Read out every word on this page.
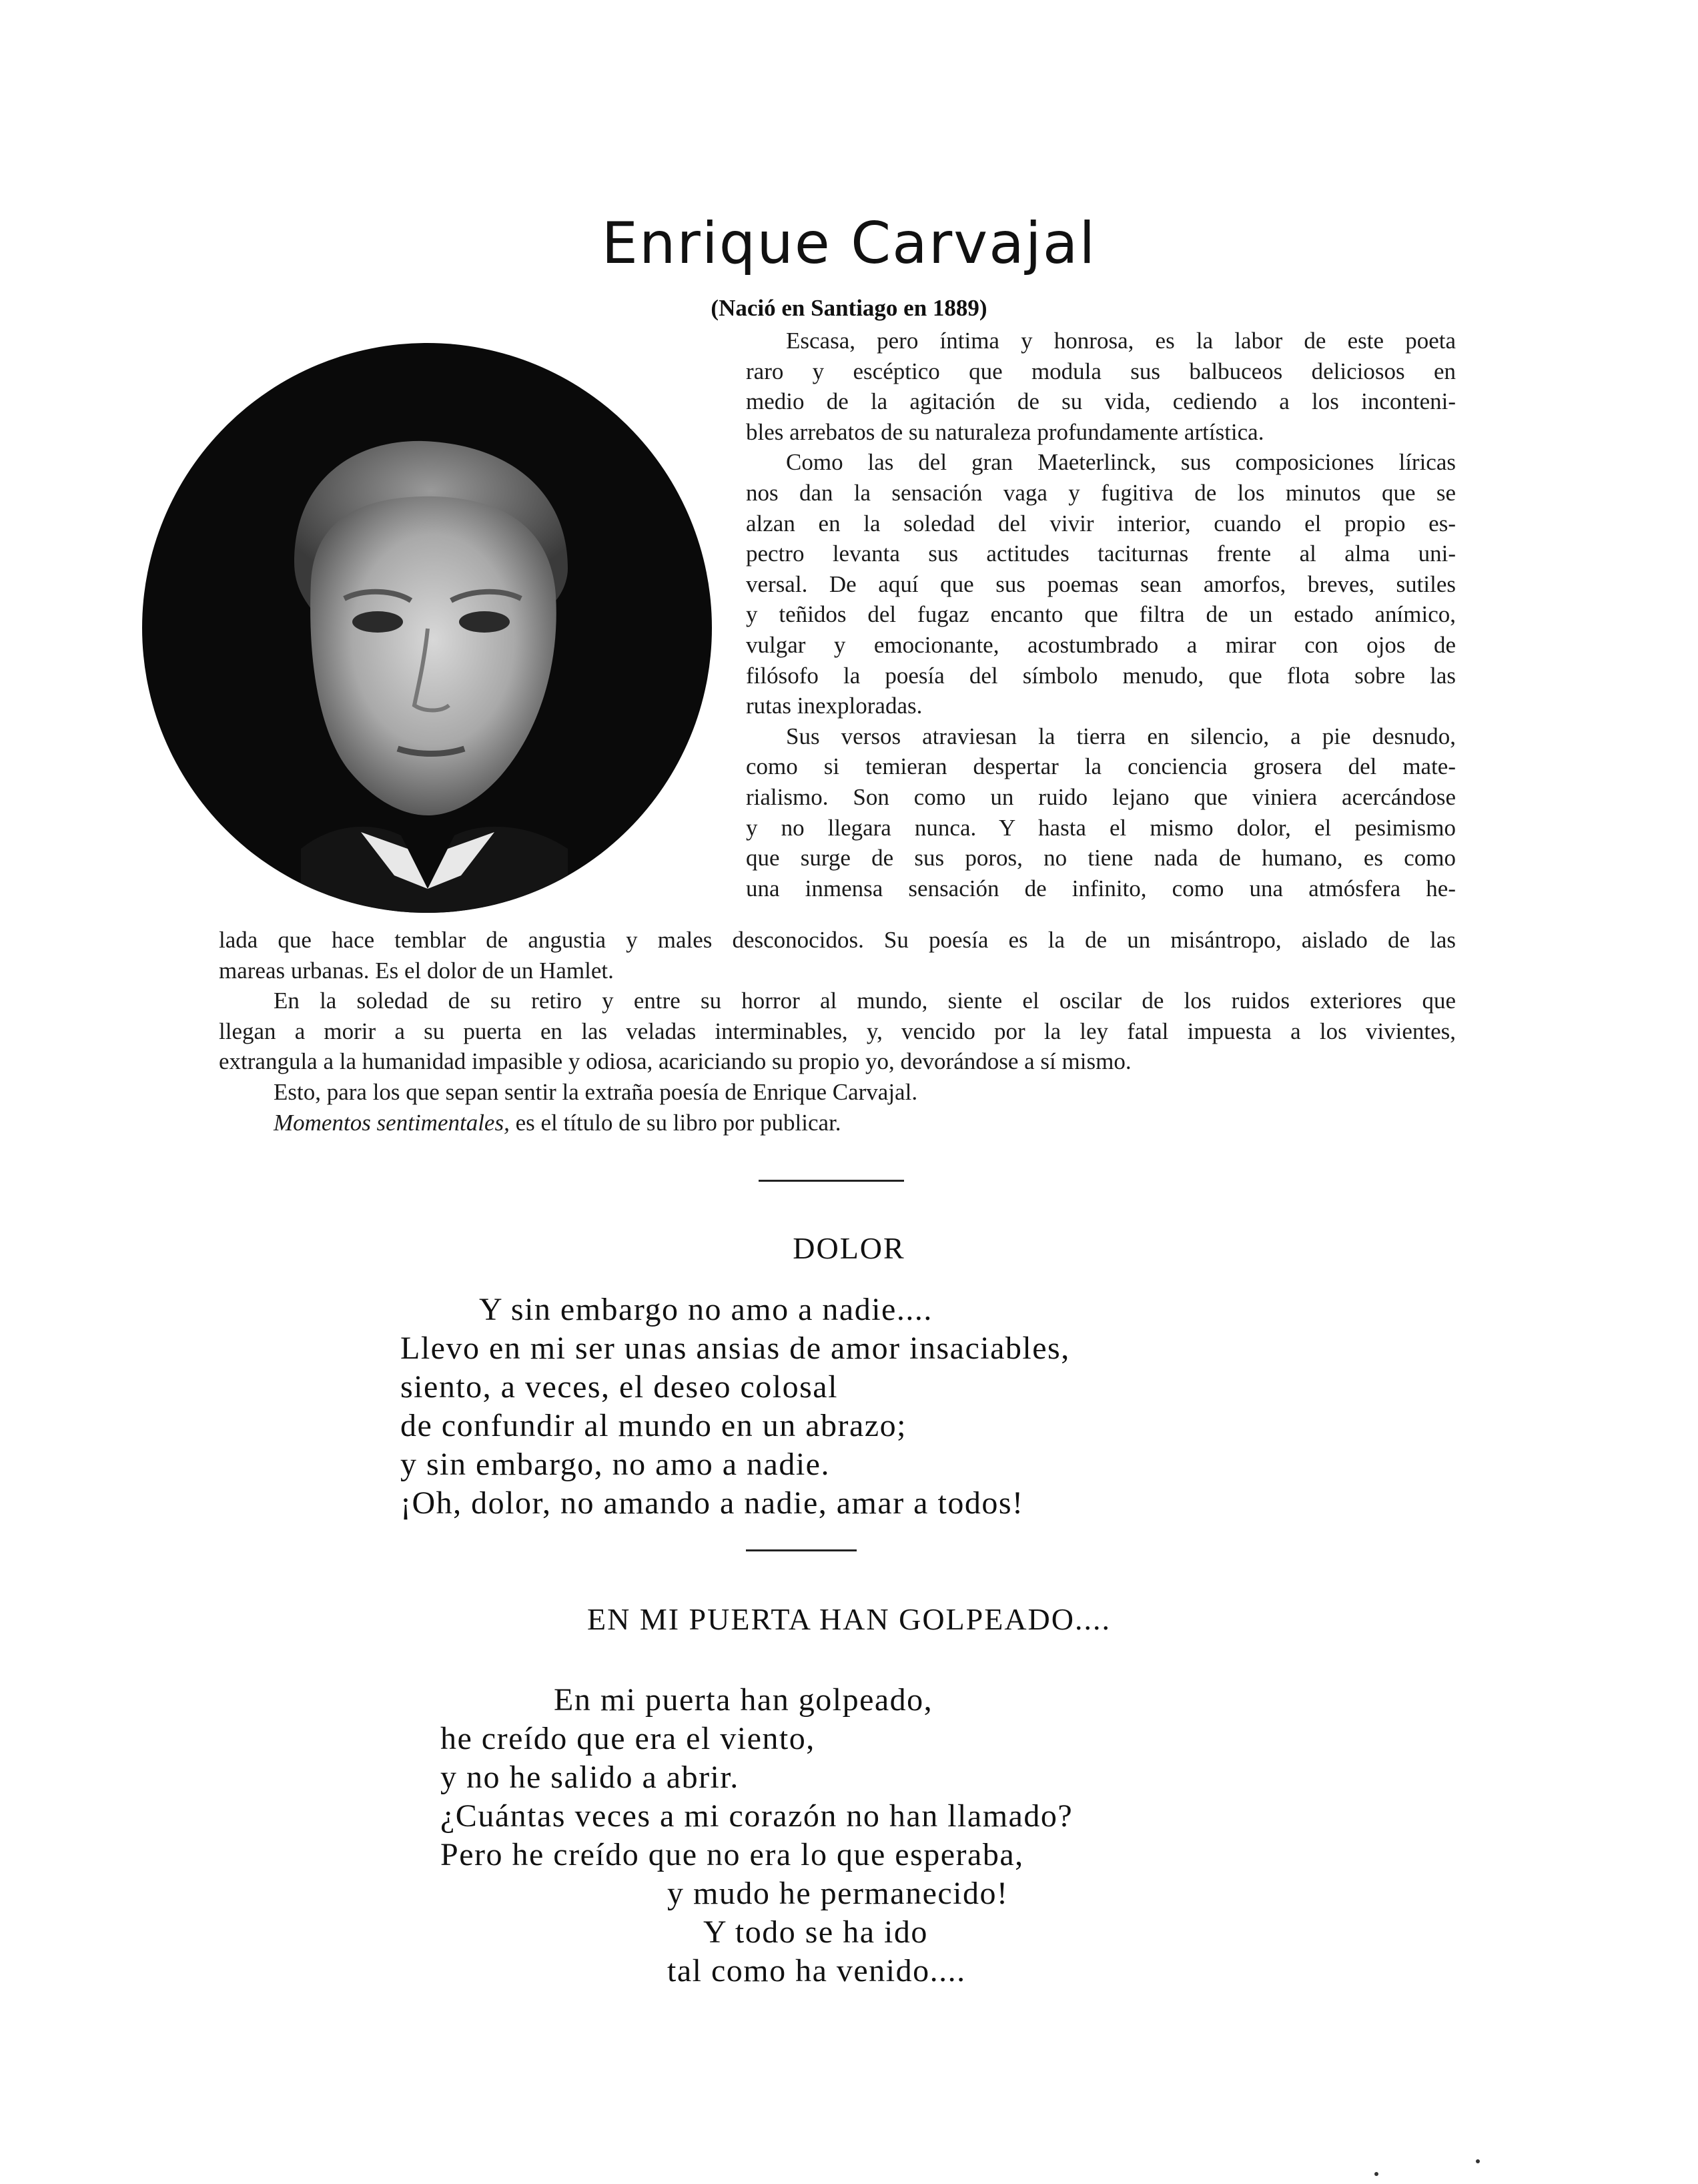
Enrique Carvajal
(Nació en Santiago en 1889)
Escasa, pero íntima y honrosa, es la labor de este poeta
raro y escéptico que modula sus balbuceos deliciosos en
medio de la agitación de su vida, cediendo a los inconteni-
bles arrebatos de su naturaleza profundamente artística.
Como las del gran Maeterlinck, sus composiciones líricas
nos dan la sensación vaga y fugitiva de los minutos que se
alzan en la soledad del vivir interior, cuando el propio es-
pectro levanta sus actitudes taciturnas frente al alma uni-
versal. De aquí que sus poemas sean amorfos, breves, sutiles
y teñidos del fugaz encanto que filtra de un estado anímico,
vulgar y emocionante, acostumbrado a mirar con ojos de
filósofo la poesía del símbolo menudo, que flota sobre las
rutas inexploradas.
Sus versos atraviesan la tierra en silencio, a pie desnudo,
como si temieran despertar la conciencia grosera del mate-
rialismo. Son como un ruido lejano que viniera acercándose
y no llegara nunca. Y hasta el mismo dolor, el pesimismo
que surge de sus poros, no tiene nada de humano, es como
una inmensa sensación de infinito, como una atmósfera he-
lada que hace temblar de angustia y males desconocidos. Su poesía es la de un misántropo, aislado de las
mareas urbanas. Es el dolor de un Hamlet.
En la soledad de su retiro y entre su horror al mundo, siente el oscilar de los ruidos exteriores que
llegan a morir a su puerta en las veladas interminables, y, vencido por la ley fatal impuesta a los vivientes,
extrangula a la humanidad impasible y odiosa, acariciando su propio yo, devorándose a sí mismo.
Esto, para los que sepan sentir la extraña poesía de Enrique Carvajal.
Momentos sentimentales, es el título de su libro por publicar.
DOLOR
Y sin embargo no amo a nadie....
Llevo en mi ser unas ansias de amor insaciables,
siento, a veces, el deseo colosal
de confundir al mundo en un abrazo;
y sin embargo, no amo a nadie.
¡Oh, dolor, no amando a nadie, amar a todos!
EN MI PUERTA HAN GOLPEADO....
En mi puerta han golpeado,
he creído que era el viento,
y no he salido a abrir.
¿Cuántas veces a mi corazón no han llamado?
Pero he creído que no era lo que esperaba,
y mudo he permanecido!
Y todo se ha ido
tal como ha venido....
